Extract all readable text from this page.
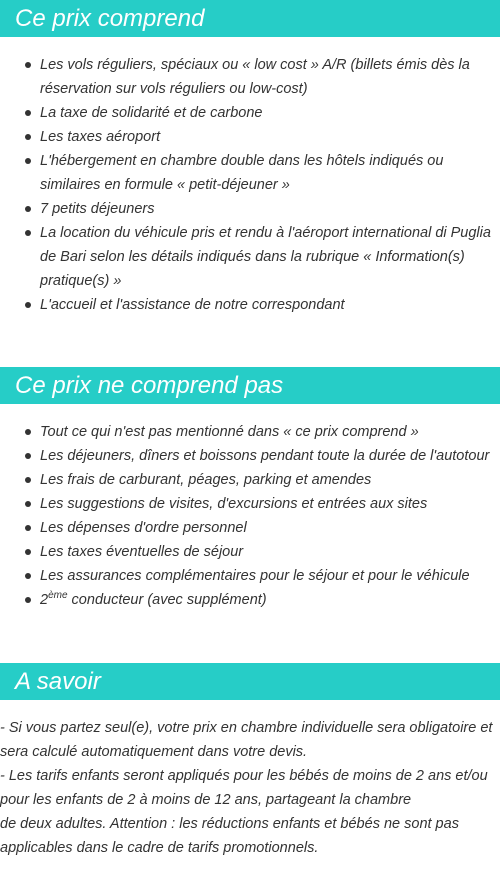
Ce prix comprend
Les vols réguliers, spéciaux ou « low cost » A/R (billets émis dès la réservation sur vols réguliers ou low-cost)
La taxe de solidarité et de carbone
Les taxes aéroport
L'hébergement en chambre double dans les hôtels indiqués ou similaires en formule « petit-déjeuner »
7 petits déjeuners
La location du véhicule pris et rendu à l'aéroport international di Puglia de Bari selon les détails indiqués dans la rubrique « Information(s) pratique(s) »
L'accueil et l'assistance de notre correspondant
Ce prix ne comprend pas
Tout ce qui n'est pas mentionné dans « ce prix comprend »
Les déjeuners, dîners et boissons pendant toute la durée de l'autotour
Les frais de carburant, péages, parking et amendes
Les suggestions de visites, d'excursions et entrées aux sites
Les dépenses d'ordre personnel
Les taxes éventuelles de séjour
Les assurances complémentaires pour le séjour et pour le véhicule
2ème conducteur (avec supplément)
A savoir
- Si vous partez seul(e), votre prix en chambre individuelle sera obligatoire et sera calculé automatiquement dans votre devis.
- Les tarifs enfants seront appliqués pour les bébés de moins de 2 ans et/ou pour les enfants de 2 à moins de 12 ans, partageant la chambre
de deux adultes. Attention : les réductions enfants et bébés ne sont pas applicables dans le cadre de tarifs promotionnels.
